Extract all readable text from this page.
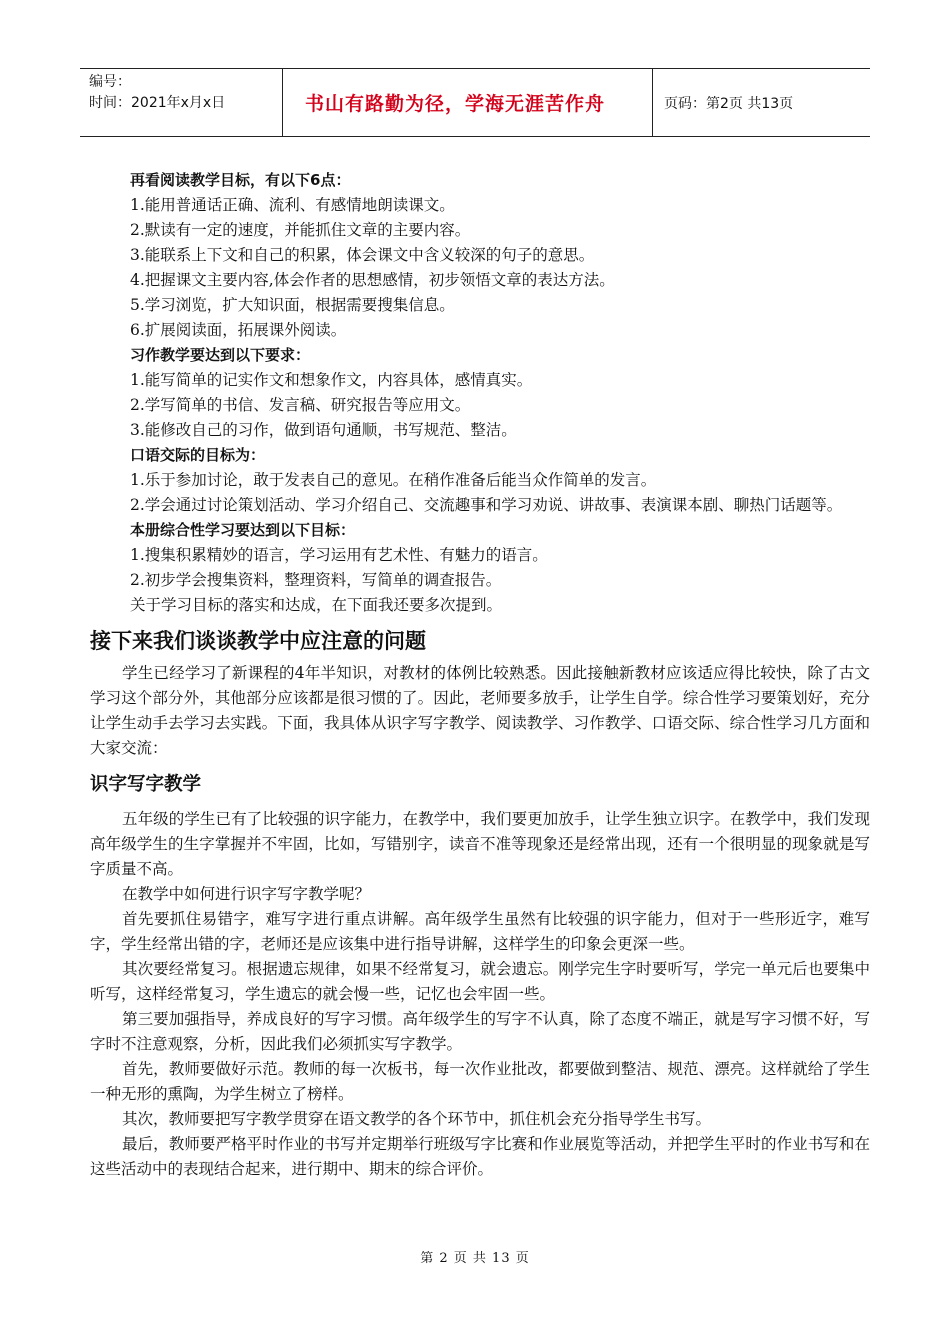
编号：
时间：2021年x月x日	书山有路勤为径，学海无涯苦作舟	页码：第2页 共13页

再看阅读教学目标，有以下6点：

1.能用普通话正确、流利、有感情地朗读课文。

2.默读有一定的速度，并能抓住文章的主要内容。

3.能联系上下文和自己的积累，体会课文中含义较深的句子的意思。

4.把握课文主要内容,体会作者的思想感情，初步领悟文章的表达方法。

5.学习浏览，扩大知识面，根据需要搜集信息。

6.扩展阅读面，拓展课外阅读。

习作教学要达到以下要求：

1.能写简单的记实作文和想象作文，内容具体，感情真实。

2.学写简单的书信、发言稿、研究报告等应用文。

3.能修改自己的习作，做到语句通顺，书写规范、整洁。

口语交际的目标为：

1.乐于参加讨论，敢于发表自己的意见。在稍作准备后能当众作简单的发言。

2.学会通过讨论策划活动、学习介绍自己、交流趣事和学习劝说、讲故事、表演课本剧、聊热门话题等。

本册综合性学习要达到以下目标：

1.搜集积累精妙的语言，学习运用有艺术性、有魅力的语言。

2.初步学会搜集资料，整理资料，写简单的调查报告。

关于学习目标的落实和达成，在下面我还要多次提到。

接下来我们谈谈教学中应注意的问题

学生已经学习了新课程的4年半知识，对教材的体例比较熟悉。因此接触新教材应该适应得比较快，除了古文学习这个部分外，其他部分应该都是很习惯的了。因此，老师要多放手，让学生自学。综合性学习要策划好，充分让学生动手去学习去实践。下面，我具体从识字写字教学、阅读教学、习作教学、口语交际、综合性学习几方面和大家交流：

识字写字教学

五年级的学生已有了比较强的识字能力，在教学中，我们要更加放手，让学生独立识字。在教学中，我们发现高年级学生的生字掌握并不牢固，比如，写错别字，读音不准等现象还是经常出现，还有一个很明显的现象就是写字质量不高。

在教学中如何进行识字写字教学呢？

首先要抓住易错字，难写字进行重点讲解。高年级学生虽然有比较强的识字能力，但对于一些形近字，难写字，学生经常出错的字，老师还是应该集中进行指导讲解，这样学生的印象会更深一些。

其次要经常复习。根据遗忘规律，如果不经常复习，就会遗忘。刚学完生字时要听写，学完一单元后也要集中听写，这样经常复习，学生遗忘的就会慢一些，记忆也会牢固一些。

第三要加强指导，养成良好的写字习惯。高年级学生的写字不认真，除了态度不端正，就是写字习惯不好，写字时不注意观察，分析，因此我们必须抓实写字教学。

首先，教师要做好示范。教师的每一次板书，每一次作业批改，都要做到整洁、规范、漂亮。这样就给了学生一种无形的熏陶，为学生树立了榜样。

其次，教师要把写字教学贯穿在语文教学的各个环节中，抓住机会充分指导学生书写。

最后，教师要严格平时作业的书写并定期举行班级写字比赛和作业展览等活动，并把学生平时的作业书写和在这些活动中的表现结合起来，进行期中、期末的综合评价。

第 2 页 共 13 页
